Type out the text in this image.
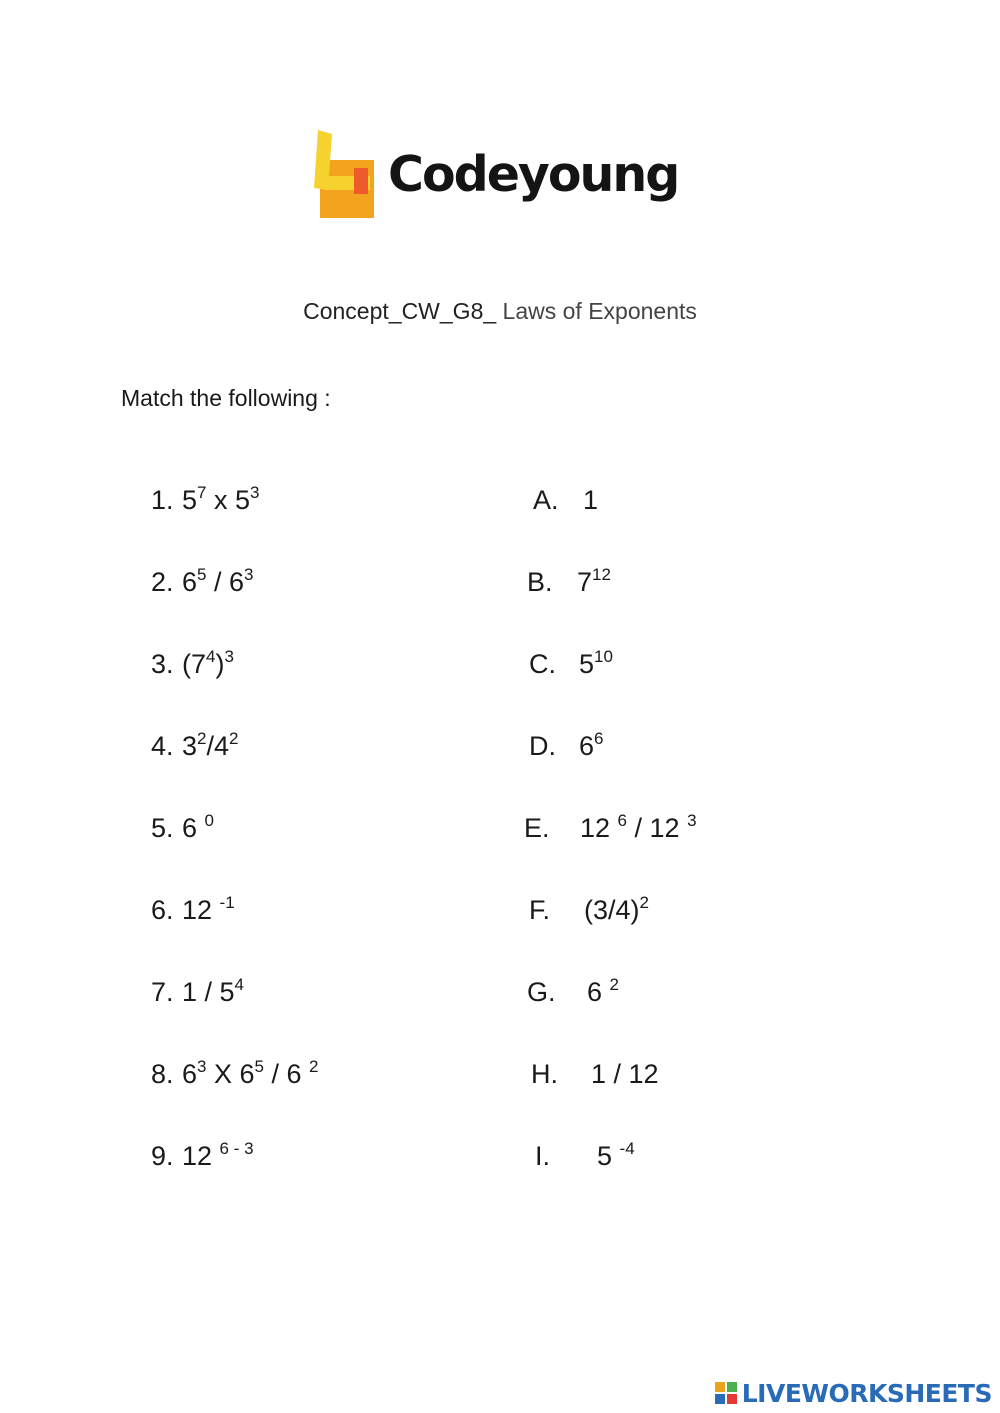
Codeyoung
Concept_CW_G8_ Laws of Exponents
Match the following :
1. $5^7$ x $5^3$
2. $6^5 / 6^3$
3. $(7^4)^3$
4. $3^2/4^2$
5. 6 $^0$
6. 12 $^{-1}$
7. $1 / 5^4$
8. $6^3$ X $6^5 / 6$ $^2$
9. 12 $^{6 - 3}$
A. 1
B. $7^{12}$
C. $5^{10}$
D. $6^6$
E. 12 $^6$ / 12 $^3$
F. $(3/4)^2$
G. 6 $^2$
H. 1 / 12
I. 5 $^{-4}$
LIVEWORKSHEETS
